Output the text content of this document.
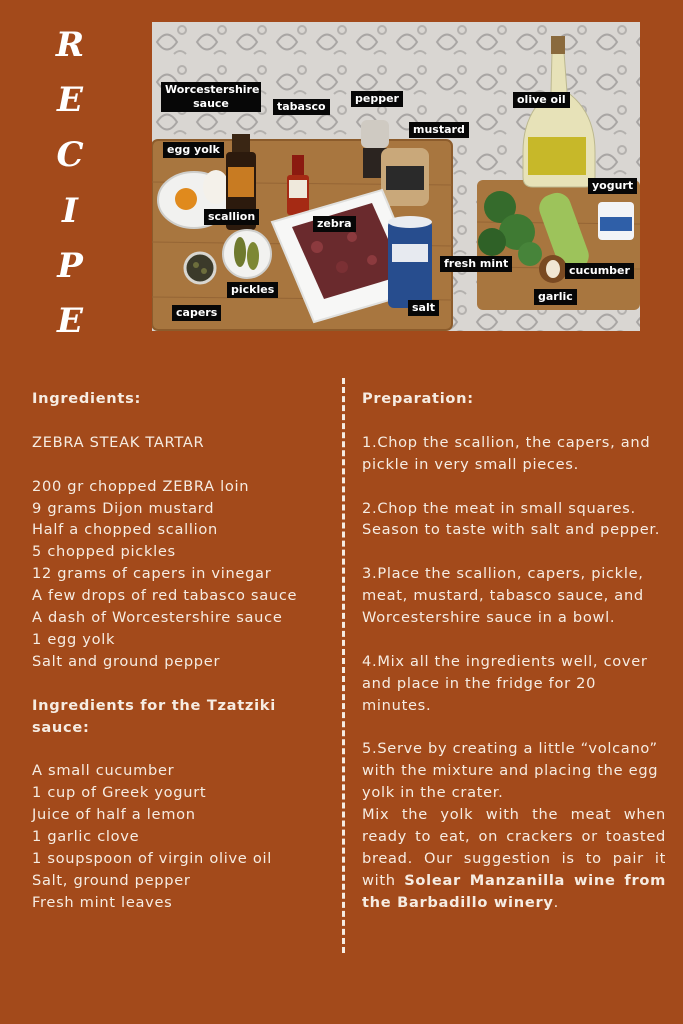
R
E
C
I
P
E
Worcestershire sauce	tabasco
pepper	olive oil
mustard
egg yolk
yogurt
scallion
zebra
fresh mint
cucumber
pickles
garlic
capers	salt

Ingredients:

ZEBRA STEAK TARTAR

200 gr chopped ZEBRA loin

9 grams Dijon mustard

Half a chopped scallion

5 chopped pickles

12 grams of capers in vinegar

A few drops of red tabasco sauce

A dash of Worcestershire sauce

1 egg yolk

Salt and ground pepper

Ingredients for the Tzatziki

sauce:

A small cucumber

1 cup of Greek yogurt

Juice of half a lemon

1 garlic clove

1 soupspoon of virgin olive oil

Salt, ground pepper

Fresh mint leaves

Preparation:

1.Chop the scallion, the capers, and pickle in very small pieces.

2.Chop the meat in small squares. Season to taste with salt and pepper.

3.Place the scallion, capers, pickle, meat, mustard, tabasco sauce, and Worcestershire sauce in a bowl.

4.Mix all the ingredients well, cover and place in the fridge for 20 minutes.

5.Serve by creating a little “volcano” with the mixture and placing the egg yolk in the crater.

Mix the yolk with the meat when ready to eat, on crackers or toasted bread. Our suggestion is to pair it with Solear Manzanilla wine from the Barbadillo winery.
